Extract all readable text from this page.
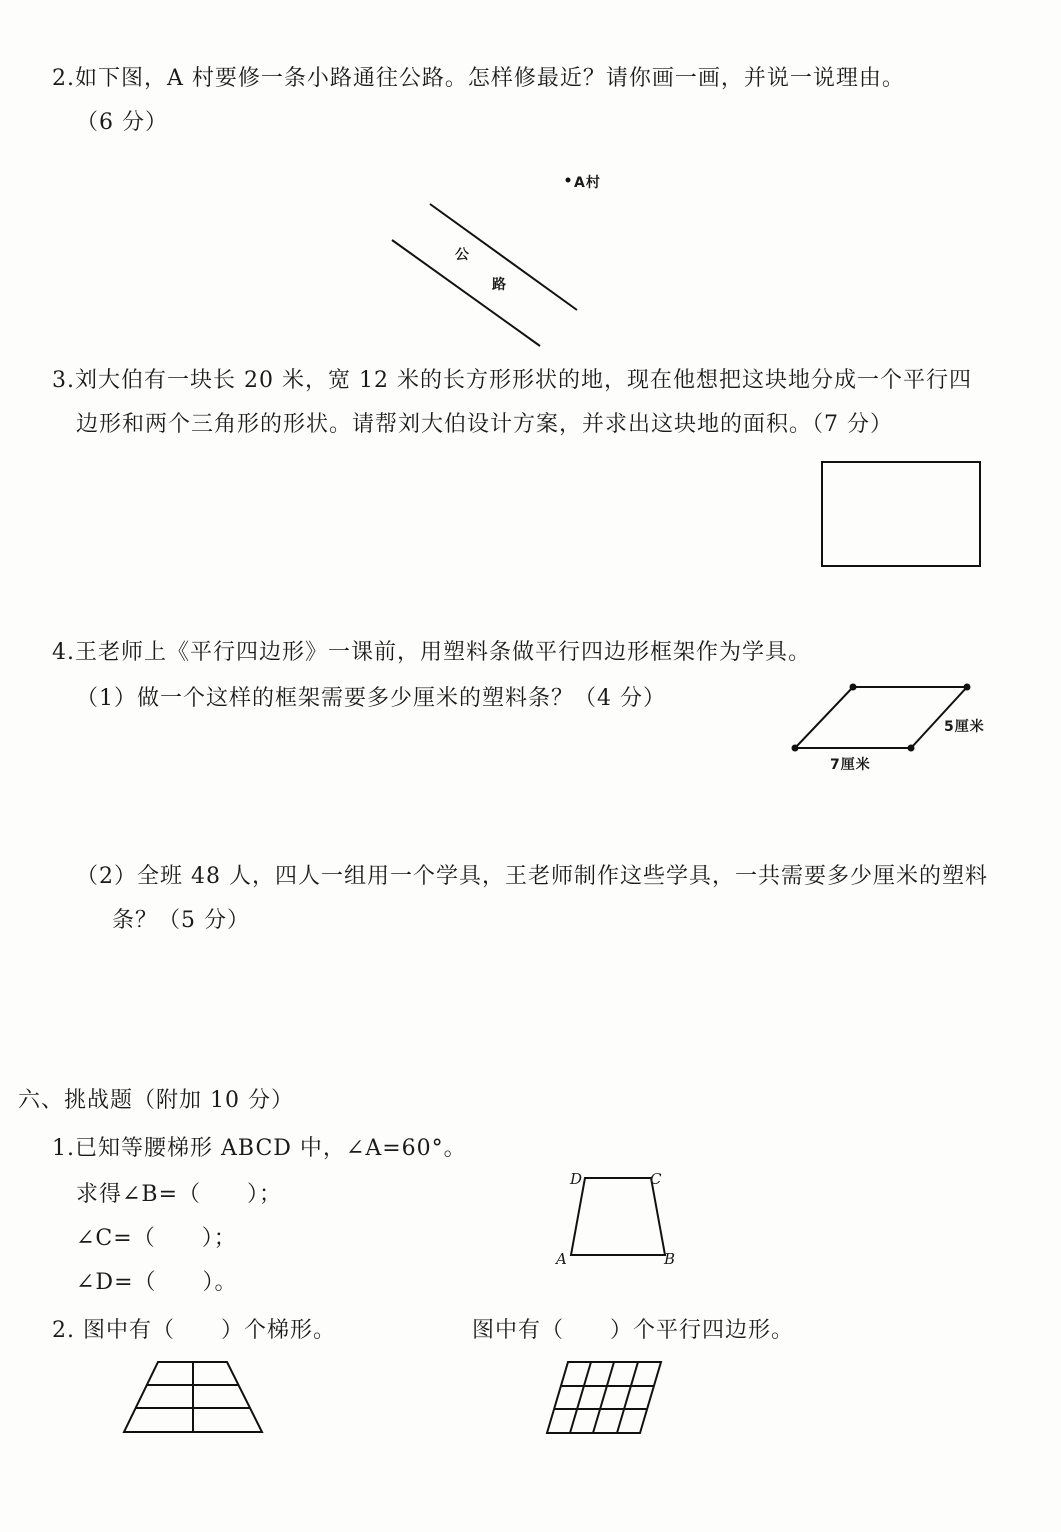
2.如下图，A 村要修一条小路通往公路。怎样修最近？请你画一画，并说一说理由。
（6 分）
A村
公
路
3.刘大伯有一块长 20 米，宽 12 米的长方形形状的地，现在他想把这块地分成一个平行四
边形和两个三角形的形状。请帮刘大伯设计方案，并求出这块地的面积。（7 分）
4.王老师上《平行四边形》一课前，用塑料条做平行四边形框架作为学具。
（1）做一个这样的框架需要多少厘米的塑料条？（4 分）
5厘米
7厘米
（2）全班 48 人，四人一组用一个学具，王老师制作这些学具，一共需要多少厘米的塑料
条？（5 分）
六、挑战题（附加 10 分）
1.已知等腰梯形 ABCD 中，∠A=60°。
求得∠B=（　　）；
∠C=（　　）；
∠D=（　　）。
D	C
A	B
2. 图中有（　　）个梯形。	图中有（　　）个平行四边形。
